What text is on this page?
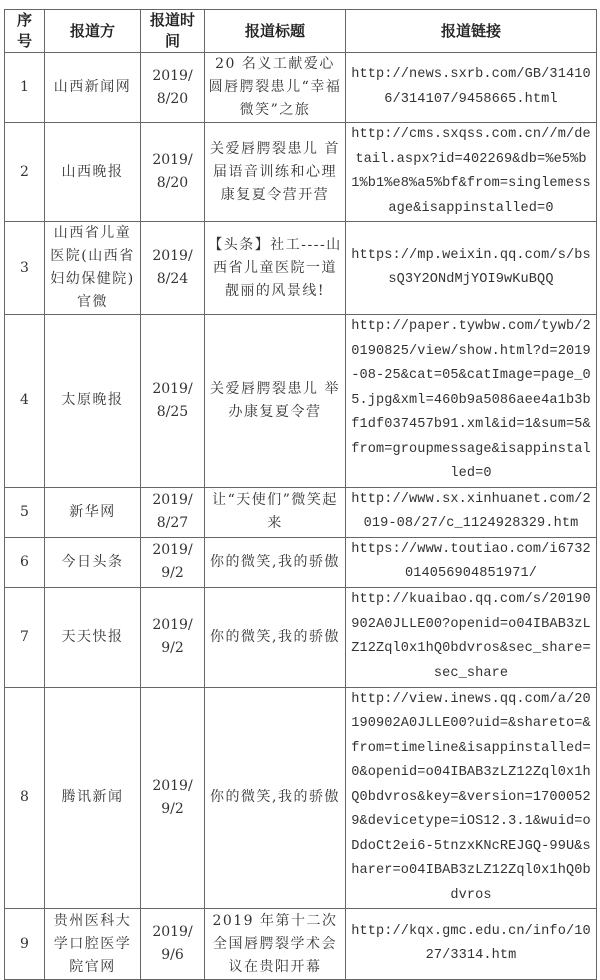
序号	报道方	报道时间	报道标题	报道链接
1	山西新闻网	2019/8/20	20 名义工献爱心圆唇腭裂患儿“幸福微笑”之旅	http://news.sxrb.com/GB/314106/314107/9458665.html
2	山西晚报	2019/8/20	关爱唇腭裂患儿 首届语音训练和心理康复夏令营开营	http://cms.sxqss.com.cn//m/detail.aspx?id=402269&db=%e5%b1%b1%e8%a5%bf&from=singlemessage&isappinstalled=0
3	山西省儿童医院(山西省妇幼保健院)官微	2019/8/24	【头条】社工----山西省儿童医院一道靓丽的风景线!	https://mp.weixin.qq.com/s/bssQ3Y2ONdMjYOI9wKuBQQ
4	太原晚报	2019/8/25	关爱唇腭裂患儿 举办康复夏令营	http://paper.tywbw.com/tywb/20190825/view/show.html?d=2019-08-25&cat=05&catImage=page_05.jpg&xml=460b9a5086aee4a1b3bf1df037457b91.xml&id=1&sum=5&from=groupmessage&isappinstalled=0
5	新华网	2019/8/27	让“天使们”微笑起来	http://www.sx.xinhuanet.com/2019-08/27/c_1124928329.htm
6	今日头条	2019/9/2	你的微笑,我的骄傲	https://www.toutiao.com/i6732014056904851971/
7	天天快报	2019/9/2	你的微笑,我的骄傲	http://kuaibao.qq.com/s/20190902A0JLLE00?openid=o04IBAB3zLZ12Zql0x1hQ0bdvros&sec_share=sec_share
8	腾讯新闻	2019/9/2	你的微笑,我的骄傲	http://view.inews.qq.com/a/20190902A0JLLE00?uid=&shareto=&from=timeline&isappinstalled=0&openid=o04IBAB3zLZ12Zql0x1hQ0bdvros&key=&version=17000529&devicetype=iOS12.3.1&wuid=oDdoCt2ei6-5tnzxKNcREJGQ-99U&sharer=o04IBAB3zLZ12Zql0x1hQ0bdvros
9	贵州医科大学口腔医学院官网	2019/9/6	2019 年第十二次全国唇腭裂学术会议在贵阳开幕	http://kqx.gmc.edu.cn/info/1027/3314.htm
